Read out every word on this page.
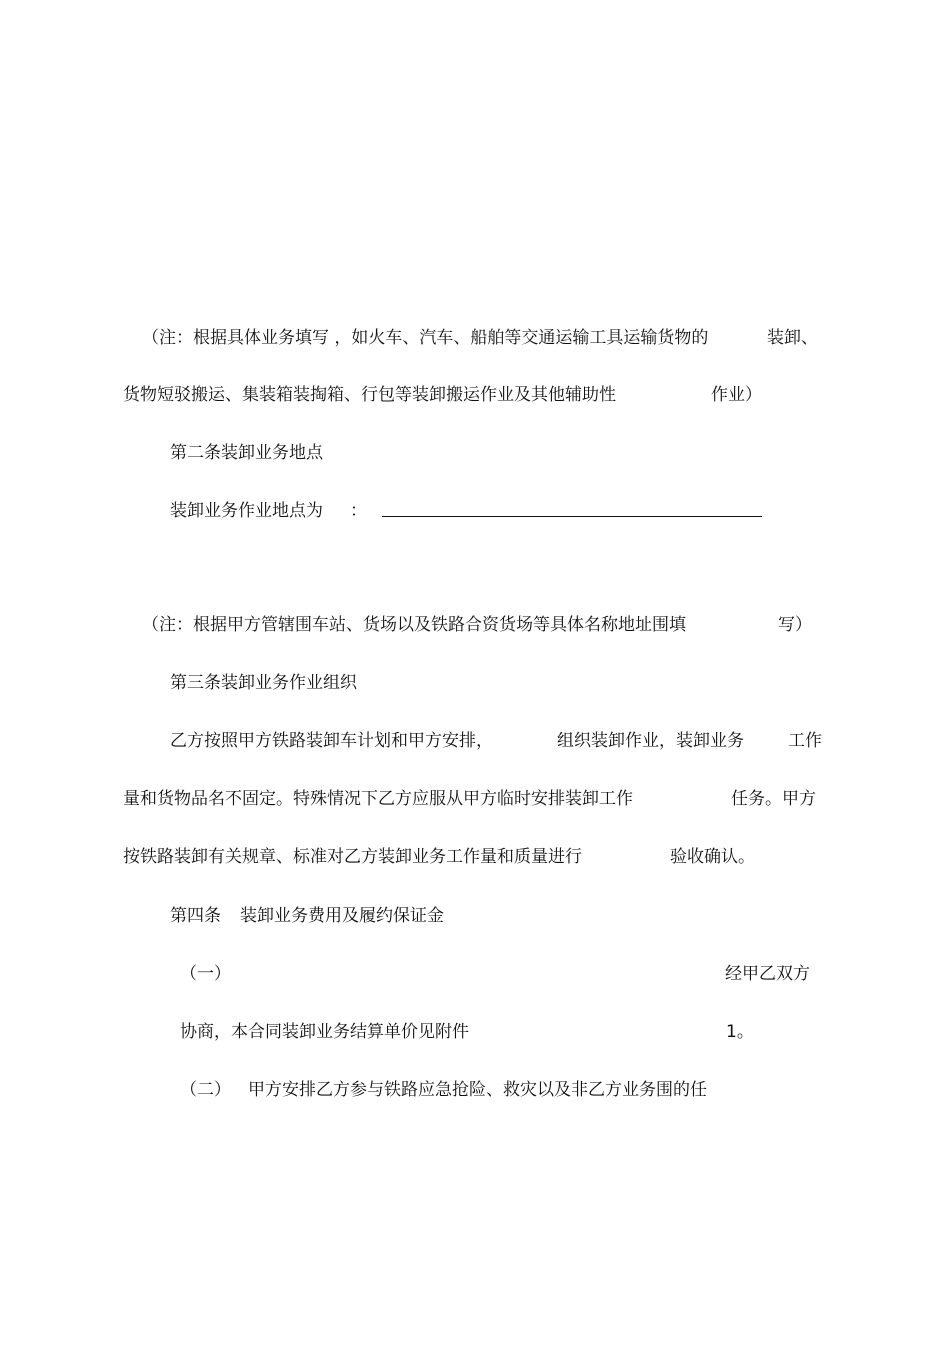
（注：根据具体业务填写 ，如火车、汽车、船舶等交通运输工具运输货物的	装卸、
货物短驳搬运、集装箱装掏箱、行包等装卸搬运作业及其他辅助性	作业）
第二条装卸业务地点
装卸业务作业地点为 ：
（注：根据甲方管辖围车站、货场以及铁路合资货场等具体名称地址围填	写）
第三条装卸业务作业组织
乙方按照甲方铁路装卸车计划和甲方安排，	组织装卸作业，装卸业务	工作
量和货物品名不固定。特殊情况下乙方应服从甲方临时安排装卸工作	任务。甲方
按铁路装卸有关规章、标准对乙方装卸业务工作量和质量进行	验收确认。
第四条 装卸业务费用及履约保证金
（一）	经甲乙双方
协商，本合同装卸业务结算单价见附件	1。
（二） 甲方安排乙方参与铁路应急抢险、救灾以及非乙方业务围的任
